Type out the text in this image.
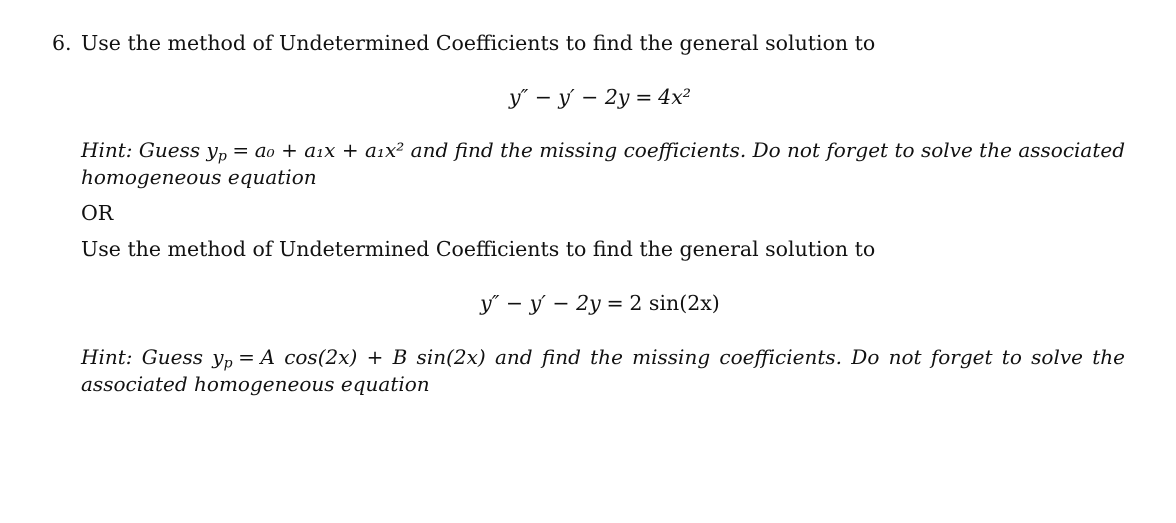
6. Use the method of Undetermined Coefficients to find the general solution to
y″ − y′ − 2y = 4x²
Hint: Guess $y_p = a_0 + a_1x + a_1x^2$ and find the missing coefficients. Do not forget to solve the associated homogeneous equation
OR
Use the method of Undetermined Coefficients to find the general solution to
y″ − y′ − 2y = 2 sin(2x)
Hint: Guess $y_p = A$ cos(2x) + B sin(2x) and find the missing coefficients. Do not forget to solve the associated homogeneous equation
